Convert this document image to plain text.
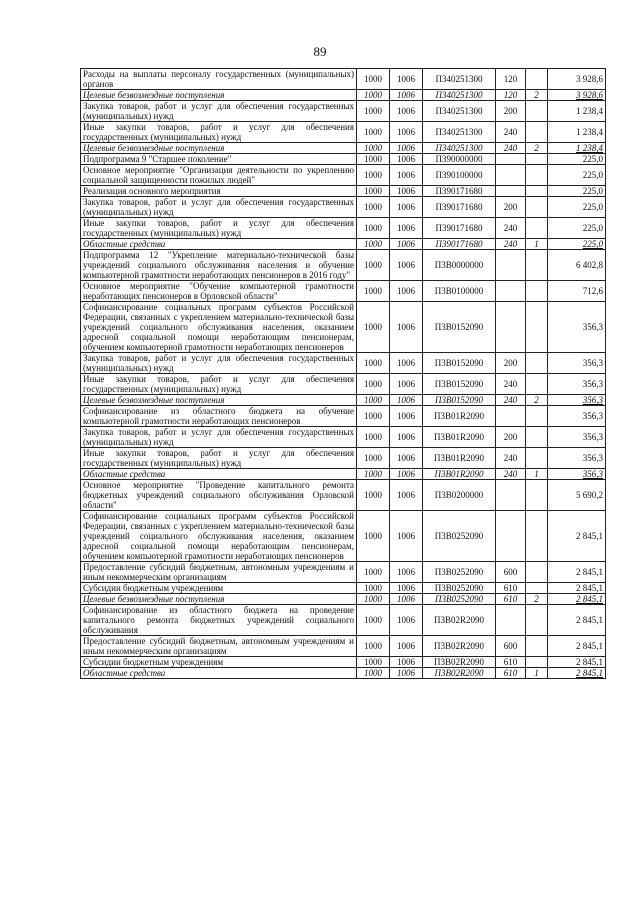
89
Расходы на выплаты персоналу государственных (муниципальных) органов	1000	1006	П340251300	120		3 928,6
Целевые безвозмездные поступления	1000	1006	П340251300	120	2	3 928,6
Закупка товаров, работ и услуг для обеспечения государственных (муниципальных) нужд	1000	1006	П340251300	200		1 238,4
Иные закупки товаров, работ и услуг для обеспечения государственных (муниципальных) нужд	1000	1006	П340251300	240		1 238,4
Целевые безвозмездные поступления	1000	1006	П340251300	240	2	1 238,4
Подпрограмма 9 "Старшее поколение"	1000	1006	П390000000			225,0
Основное мероприятие "Организация деятельности по укреплению социальной защищенности пожилых людей"	1000	1006	П390100000			225,0
Реализация основного мероприятия	1000	1006	П390171680			225,0
Закупка товаров, работ и услуг для обеспечения государственных (муниципальных) нужд	1000	1006	П390171680	200		225,0
Иные закупки товаров, работ и услуг для обеспечения государственных (муниципальных) нужд	1000	1006	П390171680	240		225,0
Областные средства	1000	1006	П390171680	240	1	225,0
Подпрограмма 12 "Укрепление материально-технической базы учреждений социального обслуживания населения и обучение компьютерной грамотности неработающих пенсионеров в 2016 году"	1000	1006	П3В0000000			6 402,8
Основное мероприятие "Обучение компьютерной грамотности неработающих пенсионеров в Орловской области"	1000	1006	П3В0100000			712,6
Софинансирование социальных программ субъектов Российской Федерации, связанных с укреплением материально-технической базы учреждений социального обслуживания населения, оказанием адресной социальной помощи неработающим пенсионерам, обучением компьютерной грамотности неработающих пенсионеров	1000	1006	П3В0152090			356,3
Закупка товаров, работ и услуг для обеспечения государственных (муниципальных) нужд	1000	1006	П3В0152090	200		356,3
Иные закупки товаров, работ и услуг для обеспечения государственных (муниципальных) нужд	1000	1006	П3В0152090	240		356,3
Целевые безвозмездные поступления	1000	1006	П3В0152090	240	2	356,3
Софинансирование из областного бюджета на обучение компьютерной грамотности неработающих пенсионеров	1000	1006	П3В01R2090			356,3
Закупка товаров, работ и услуг для обеспечения государственных (муниципальных) нужд	1000	1006	П3В01R2090	200		356,3
Иные закупки товаров, работ и услуг для обеспечения государственных (муниципальных) нужд	1000	1006	П3В01R2090	240		356,3
Областные средства	1000	1006	П3В01R2090	240	1	356,3
Основное мероприятие "Проведение капитального ремонта бюджетных учреждений социального обслуживания Орловской области"	1000	1006	П3В0200000			5 690,2
Софинансирование социальных программ субъектов Российской Федерации, связанных с укреплением материально-технической базы учреждений социального обслуживания населения, оказанием адресной социальной помощи неработающим пенсионерам, обучением компьютерной грамотности неработающих пенсионеров	1000	1006	П3В0252090			2 845,1
Предоставление субсидий бюджетным, автономным учреждениям и иным некоммерческим организациям	1000	1006	П3В0252090	600		2 845,1
Субсидии бюджетным учреждениям	1000	1006	П3В0252090	610		2 845,1
Целевые безвозмездные поступления	1000	1006	П3В0252090	610	2	2 845,1
Софинансирование из областного бюджета на проведение капитального ремонта бюджетных учреждений социального обслуживания	1000	1006	П3В02R2090			2 845,1
Предоставление субсидий бюджетным, автономным учреждениям и иным некоммерческим организациям	1000	1006	П3В02R2090	600		2 845,1
Субсидии бюджетным учреждениям	1000	1006	П3В02R2090	610		2 845,1
Областные средства	1000	1006	П3В02R2090	610	1	2 845,1
